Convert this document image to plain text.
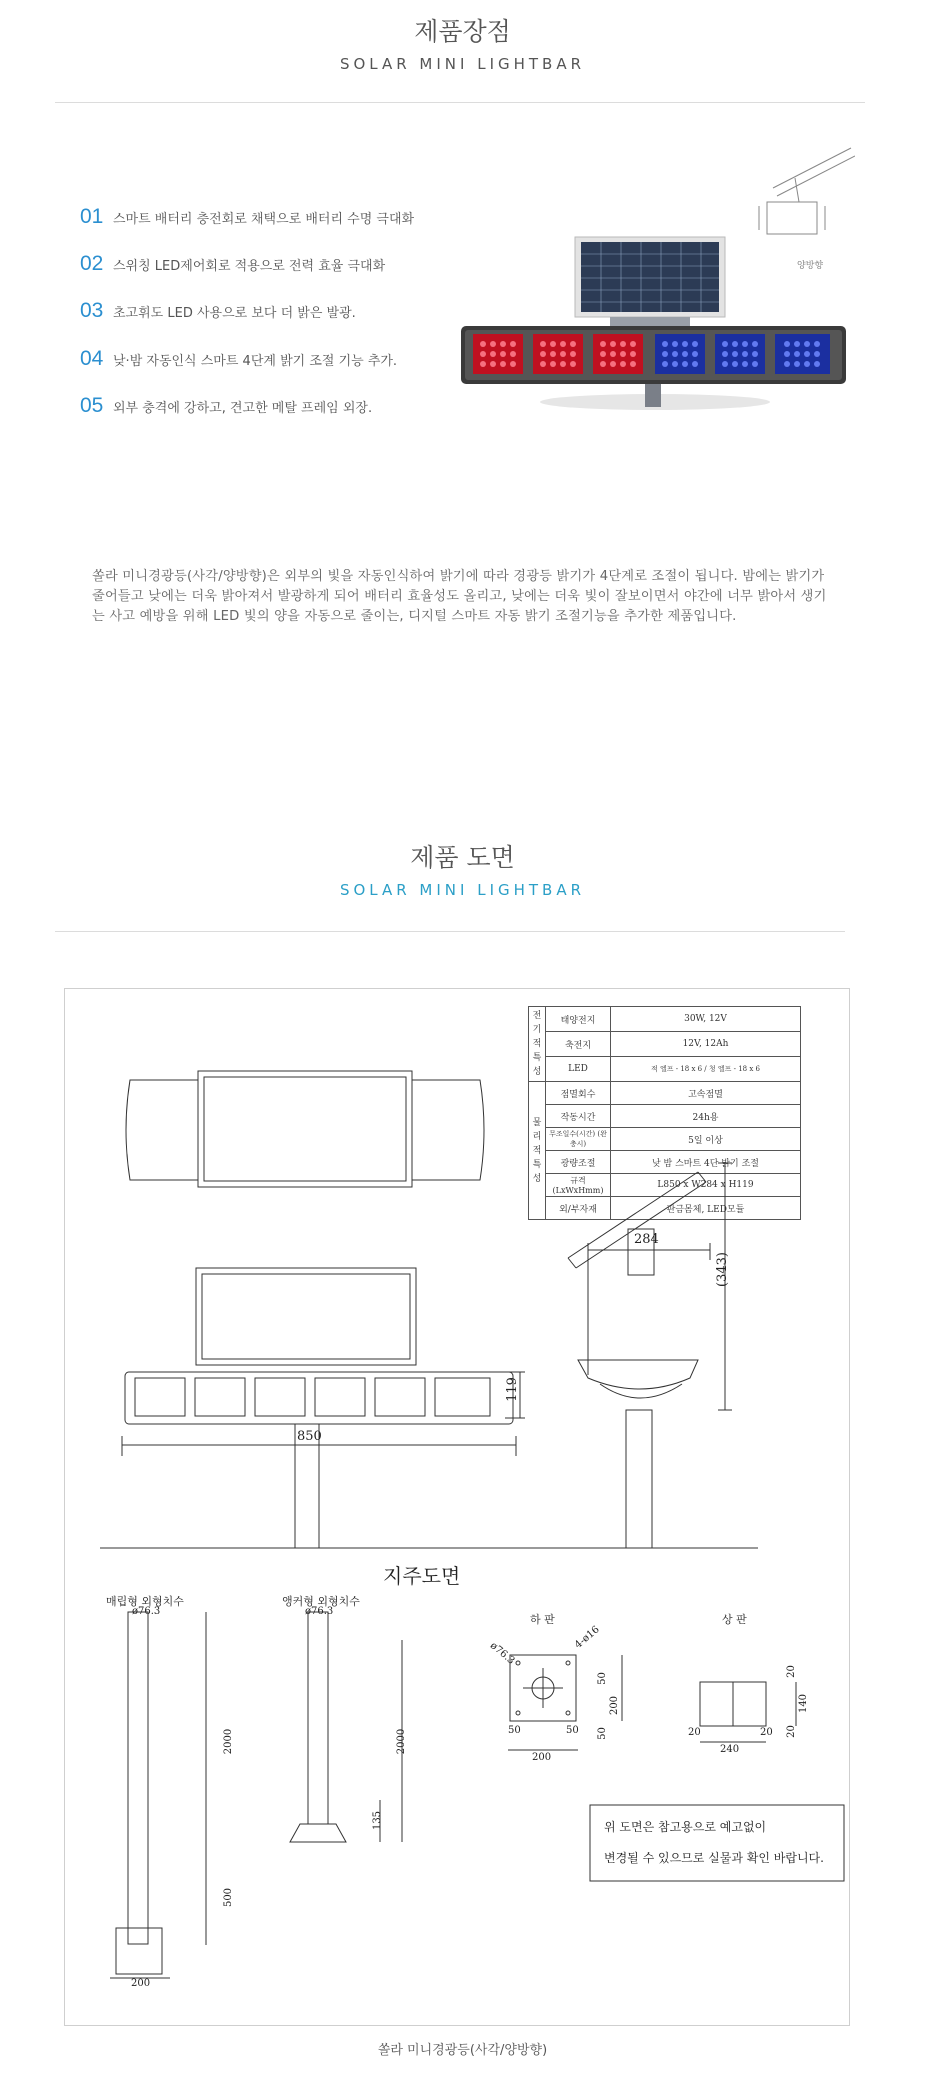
제품장점
SOLAR MINI LIGHTBAR
01 스마트 배터리 충전회로 채택으로 배터리 수명 극대화
02 스위칭 LED제어회로 적용으로 전력 효율 극대화
03 초고휘도 LED 사용으로 보다 더 밝은 발광.
04 낮·밤 자동인식 스마트 4단계 밝기 조절 기능 추가.
05 외부 충격에 강하고, 견고한 메탈 프레임 외장.
양방향
쏠라 미니경광등(사각/양방향)은 외부의 빛을 자동인식하여 밝기에 따라 경광등 밝기가 4단계로 조절이 됩니다. 밤에는 밝기가 줄어들고 낮에는 더욱 밝아져서 발광하게 되어 배터리 효율성도 올리고, 낮에는 더욱 빛이 잘보이면서 야간에 너무 밝아서 생기는 사고 예방을 위해 LED 빛의 양을 자동으로 줄이는, 디지털 스마트 자동 밝기 조절기능을 추가한 제품입니다.
제품 도면
SOLAR MINI LIGHTBAR
전기적특성	태양전지	30W, 12V
	축전지	12V, 12Ah
	LED	적 엘프 - 18 x 6 / 청 엘프 - 18 x 6
물리적특성	점멸회수	고속점멸
	작동시간	24h용
	무조일수(시간) (완충시)	5일 이상
	광량조절	낮 밤 스마트 4단 밝기 조절
	규격(LxWxHmm)	L850 x W284 x H119
	외/부자재	판금몸체, LED모듈
850
119
284
(343)
지주도면
매립형 외형치수	앵커형 외형치수
하 판	상 판
ø76.3	ø76.3
2000	2000
500
200
135
ø76.3
4-ø16
50
200
50
50	50
200
20
140
20
20	20
240
위 도면은 참고용으로 예고없이
변경될 수 있으므로 실물과 확인 바랍니다.
쏠라 미니경광등(사각/양방향)
